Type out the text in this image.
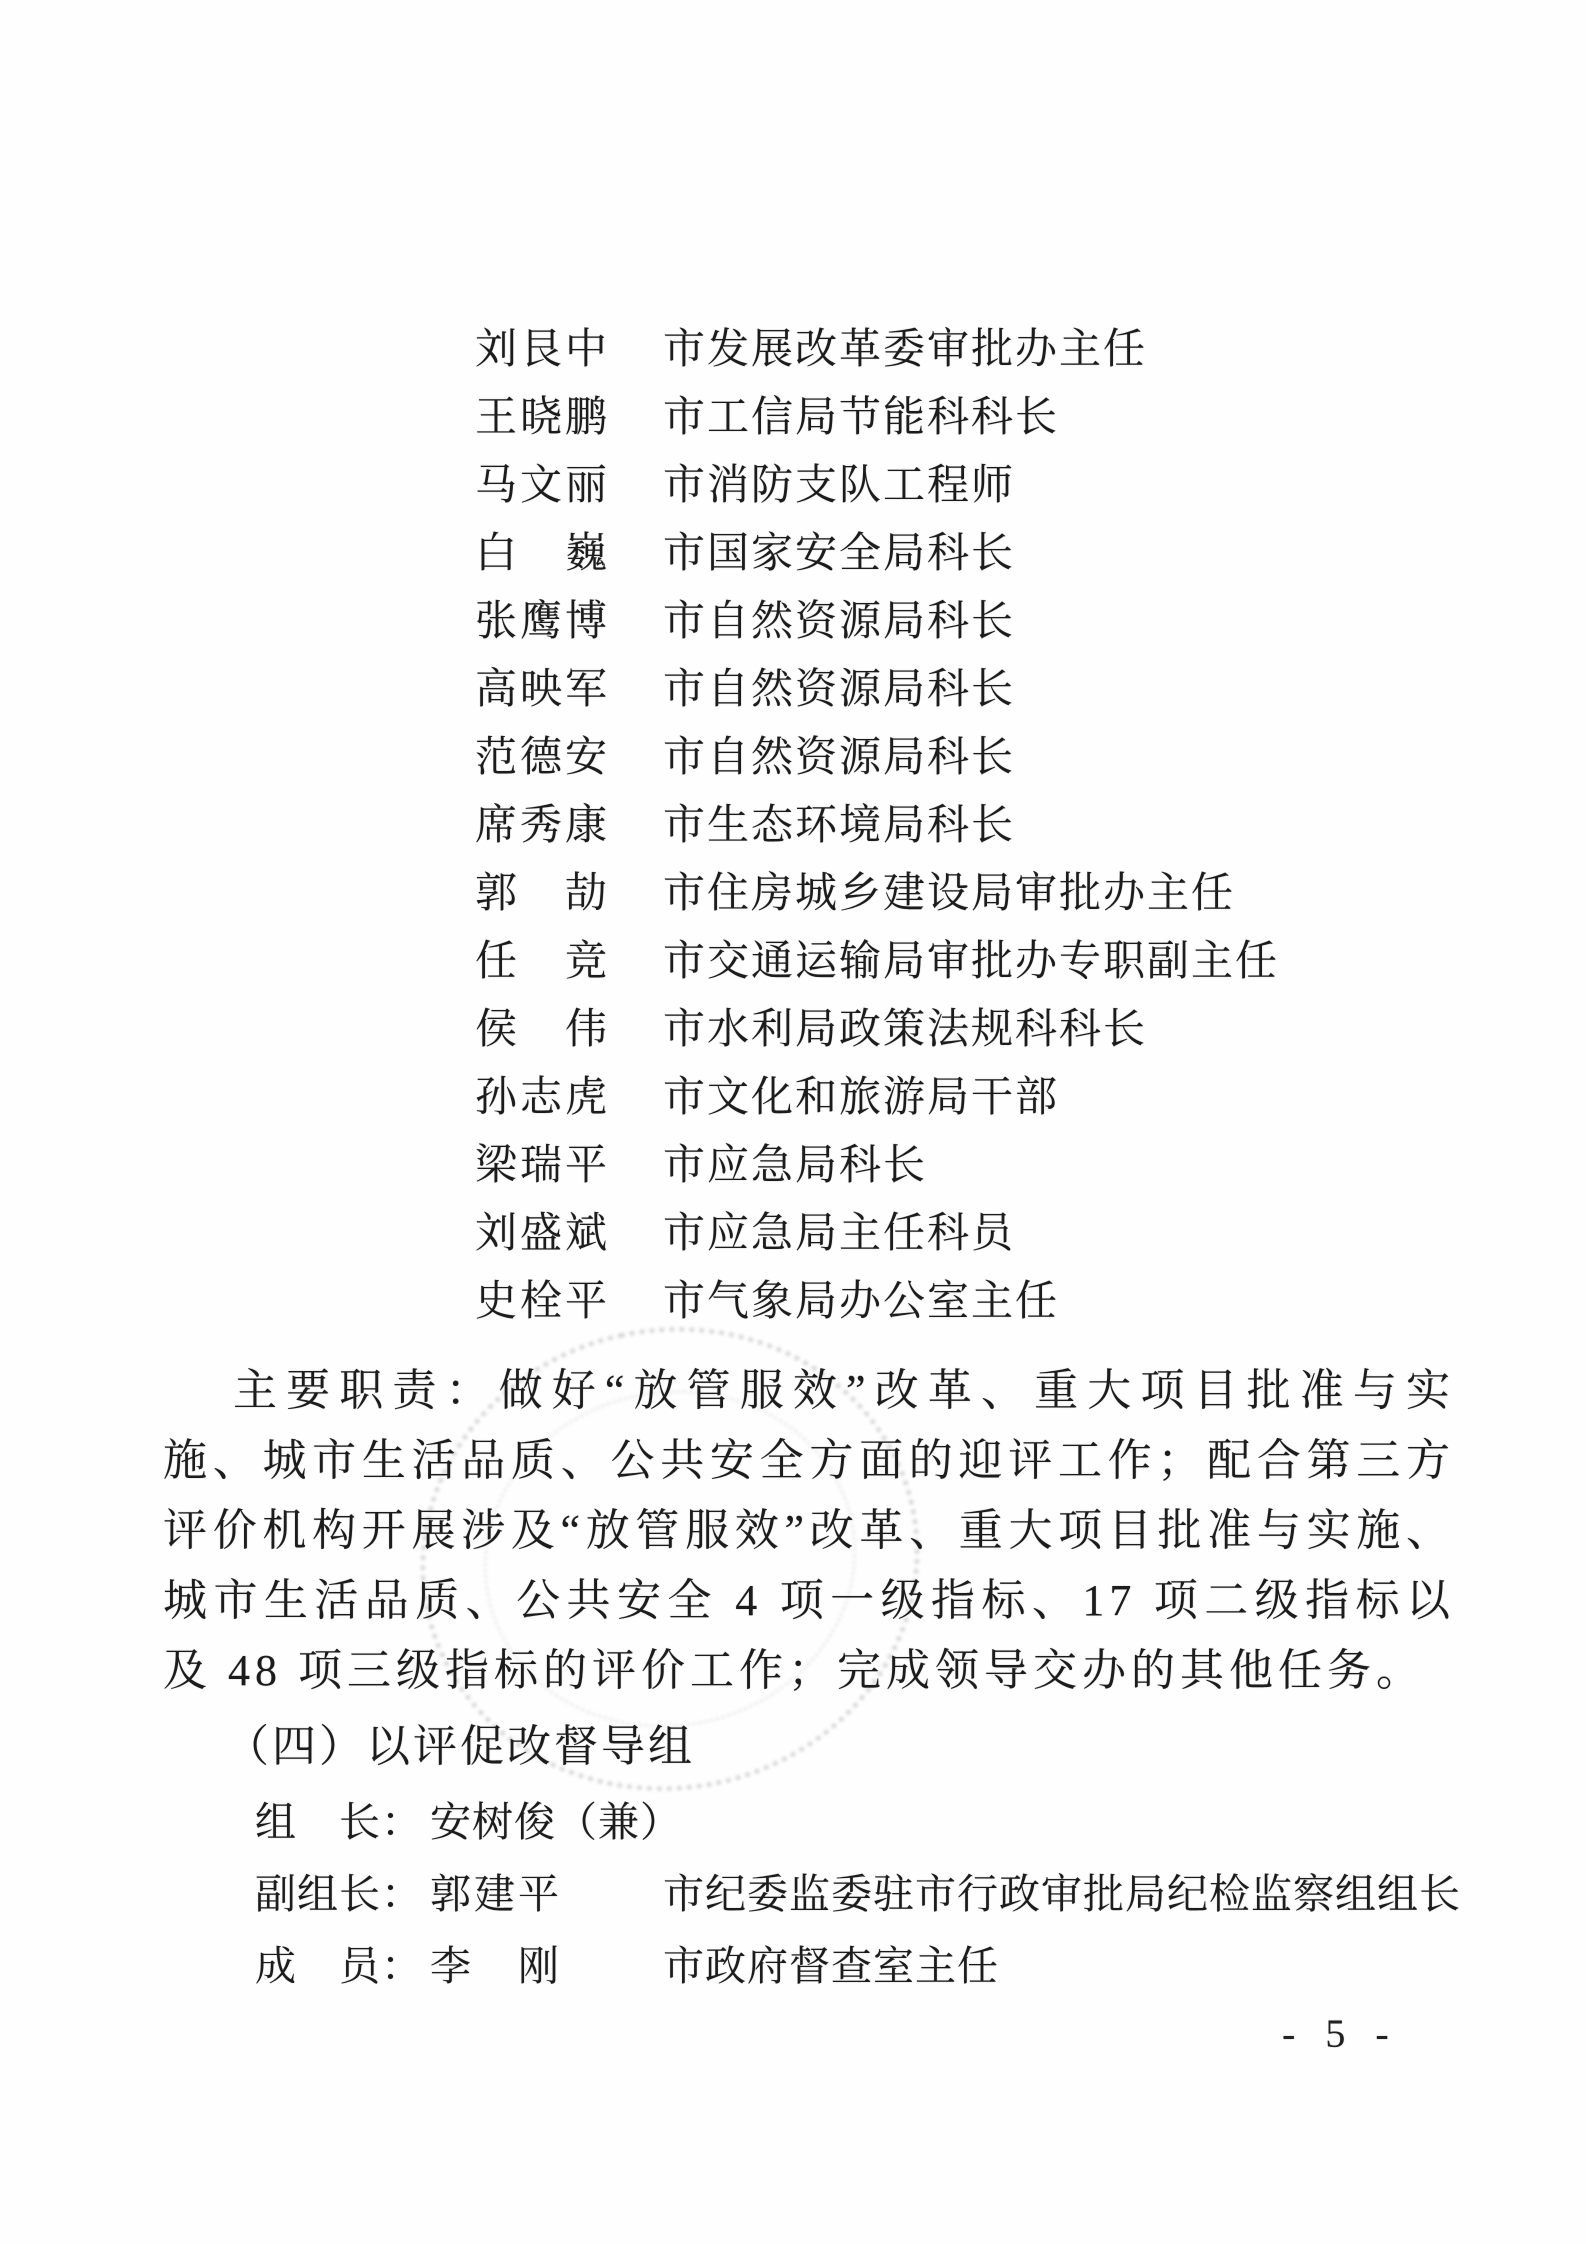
刘艮中 市发展改革委审批办主任
王晓鹏 市工信局节能科科长
马文丽 市消防支队工程师
白　巍 市国家安全局科长
张鹰博 市自然资源局科长
高映军 市自然资源局科长
范德安 市自然资源局科长
席秀康 市生态环境局科长
郭　劼 市住房城乡建设局审批办主任
任　竞 市交通运输局审批办专职副主任
侯　伟 市水利局政策法规科科长
孙志虎 市文化和旅游局干部
梁瑞平 市应急局科长
刘盛斌 市应急局主任科员
史栓平 市气象局办公室主任

主要职责：做好“放管服效”改革、重大项目批准与实施、城市生活品质、公共安全方面的迎评工作；配合第三方评价机构开展涉及“放管服效”改革、重大项目批准与实施、城市生活品质、公共安全 4 项一级指标、17 项二级指标以及 48 项三级指标的评价工作；完成领导交办的其他任务。

（四）以评促改督导组
组　长： 安树俊（兼）
副组长： 郭建平	市纪委监委驻市行政审批局纪检监察组组长
成　员： 李　刚	市政府督查室主任
- 5 -
